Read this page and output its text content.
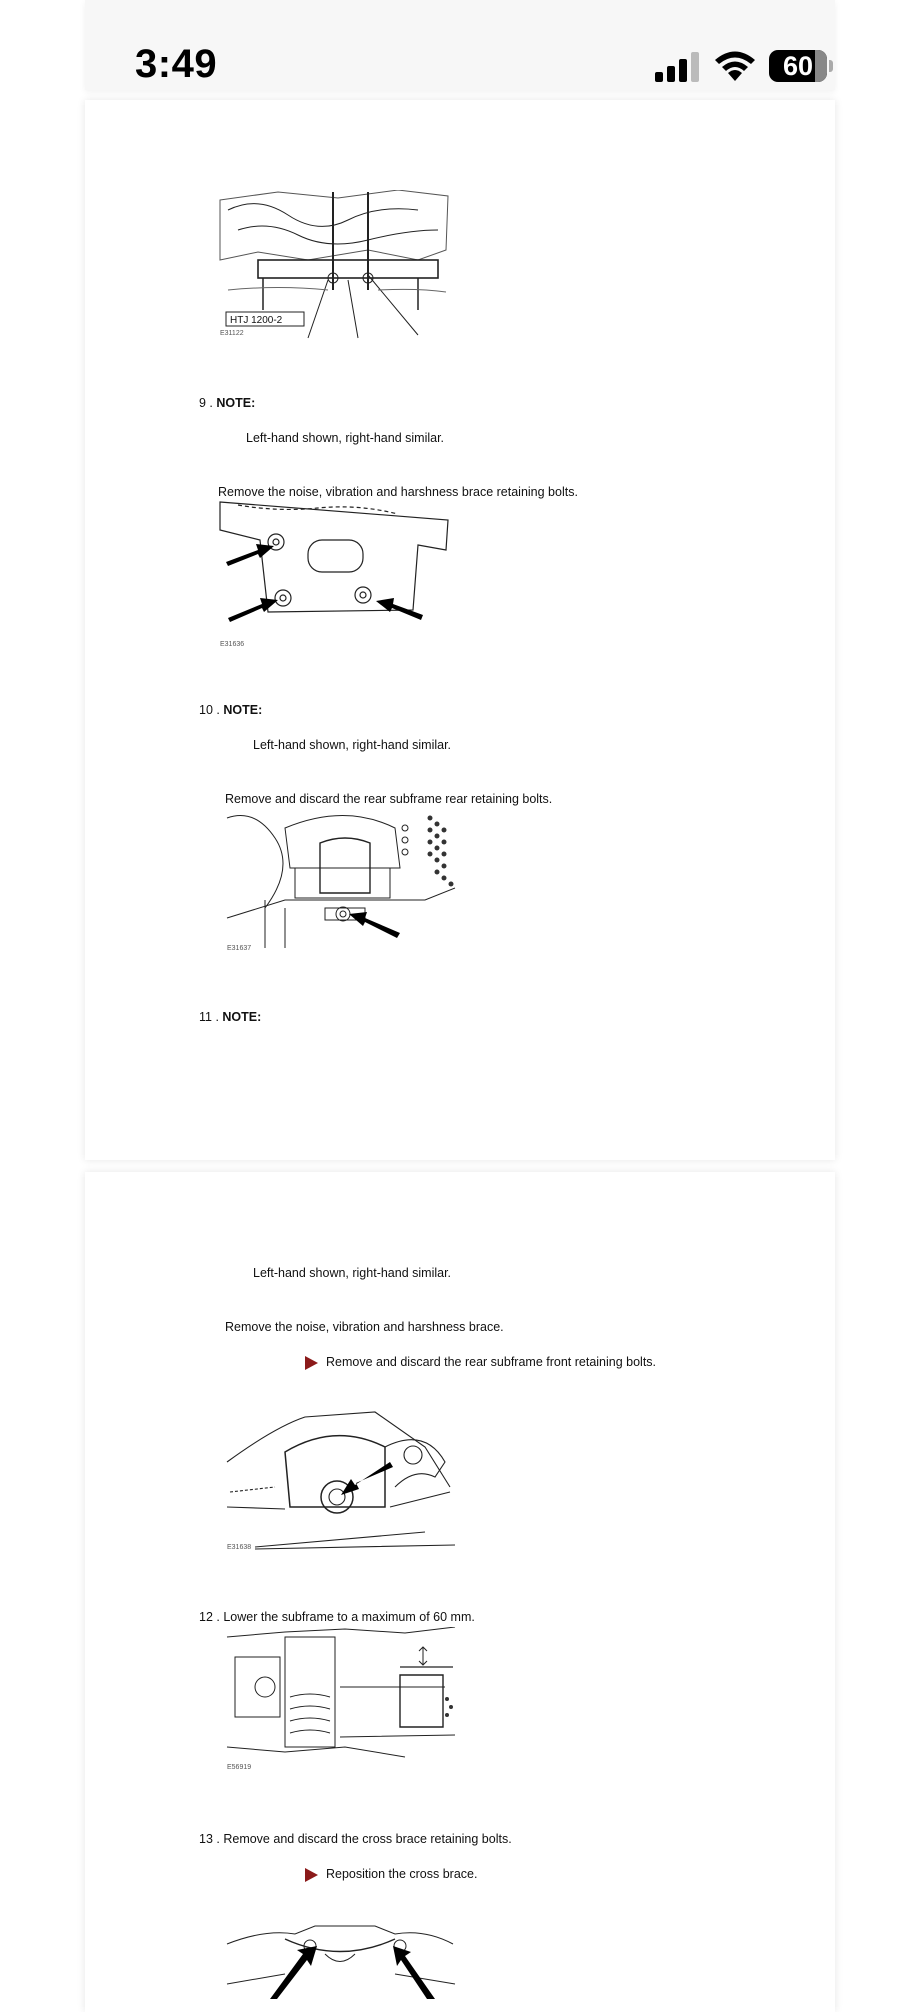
3:49	60
HTJ 1200-2
E31122
9 . NOTE:
Left-hand shown, right-hand similar.
Remove the noise, vibration and harshness brace retaining bolts.
E31636
10 . NOTE:
Left-hand shown, right-hand similar.
Remove and discard the rear subframe rear retaining bolts.
E31637
11 . NOTE:
Left-hand shown, right-hand similar.
Remove the noise, vibration and harshness brace.
Remove and discard the rear subframe front retaining bolts.
E31638
12 . Lower the subframe to a maximum of 60 mm.
E56919
13 . Remove and discard the cross brace retaining bolts.
Reposition the cross brace.
